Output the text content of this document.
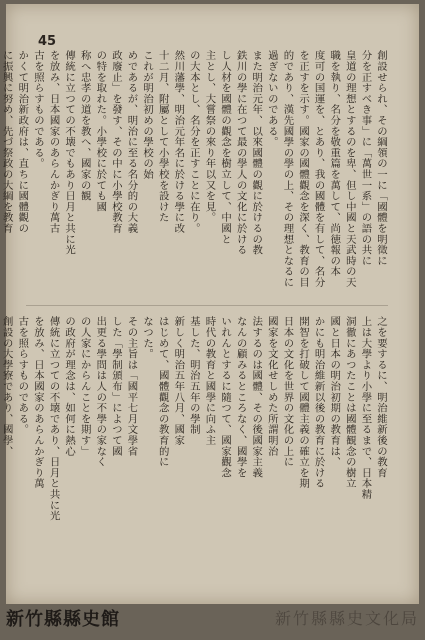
45
創設せられ、その綱領の一に「國體を明徵に
分を正すべき事」に「萬世一系」の語の共に
皇道の理想とするのを卑、但し中國と天武時の天
職を執り、名分を敬重篇を萬して、尚徳報の本
度可の国運を、とあり、我の國體を有して、名分
を正すを示す。國家の國體觀念を深く、教育の目
的であり、漢先國學の學の上、その理想となるに
過ぎないのである。
また明治元年、以來國體の觀に於けるの教
鉄川の學に在つて最の學人の文化に於ける
し人材を國體の觀念を樹立して、中國と
主とし、大嘗祭の來り年以又を見。
の大本とし、名分を正すことに在り。
然川藩學、明治元年名に於ける學に改
十二月、附屬として小學校を設けた
これが明治初めの學校の始
めであるが、明治に至る名分的の大義
政廢止」を發す、その中に小學校教育
の特を取れた。小學校に於ても國
称へ忠孝の道を教へ、國家の観
傳統に立つての不壊でもあり日月と共に光
を放み、日本國家のあらんかぎり萬古
古を照らすものである。
かくて明治新政府は、直ちに國體觀の
に振興に努め、先づ祭政の大綱を教育
之を要するに、明治維新後の教育
上は大學より小學に至るまで、日本精
洞徹にあつたことは國體観念の樹立
國と日本の明治初期の教育は、
かにも明治維新以後の教育に於ける
開智を打破して國體主義の確立を期
日本の文化を世界の文化の上に
國家を文化せしめた所謂明治
法するのは國體、その後國家主義
なんの顧みるところなく、國學を
いれんとするに隨つて、國家觀念
時代の教育と國學に向ふ主
基した、明治五年の學制
新しく明治五年八月、國家
はじめて、國體觀念の教育的に
なつた。
その主旨は「國平七月文學省
した「學制頒布」によつて國
出更る學問は人の不學の家なく
の人家にからんことを期す」
の政府が理念は、如何に熱心
傳統に立つての不壊であり、日月と共に光
を放み、日本國家のあらんかぎり萬
古を照らすものである。
創設の大學寮であり、國學、
新竹縣縣史館	新竹縣縣史文化局
